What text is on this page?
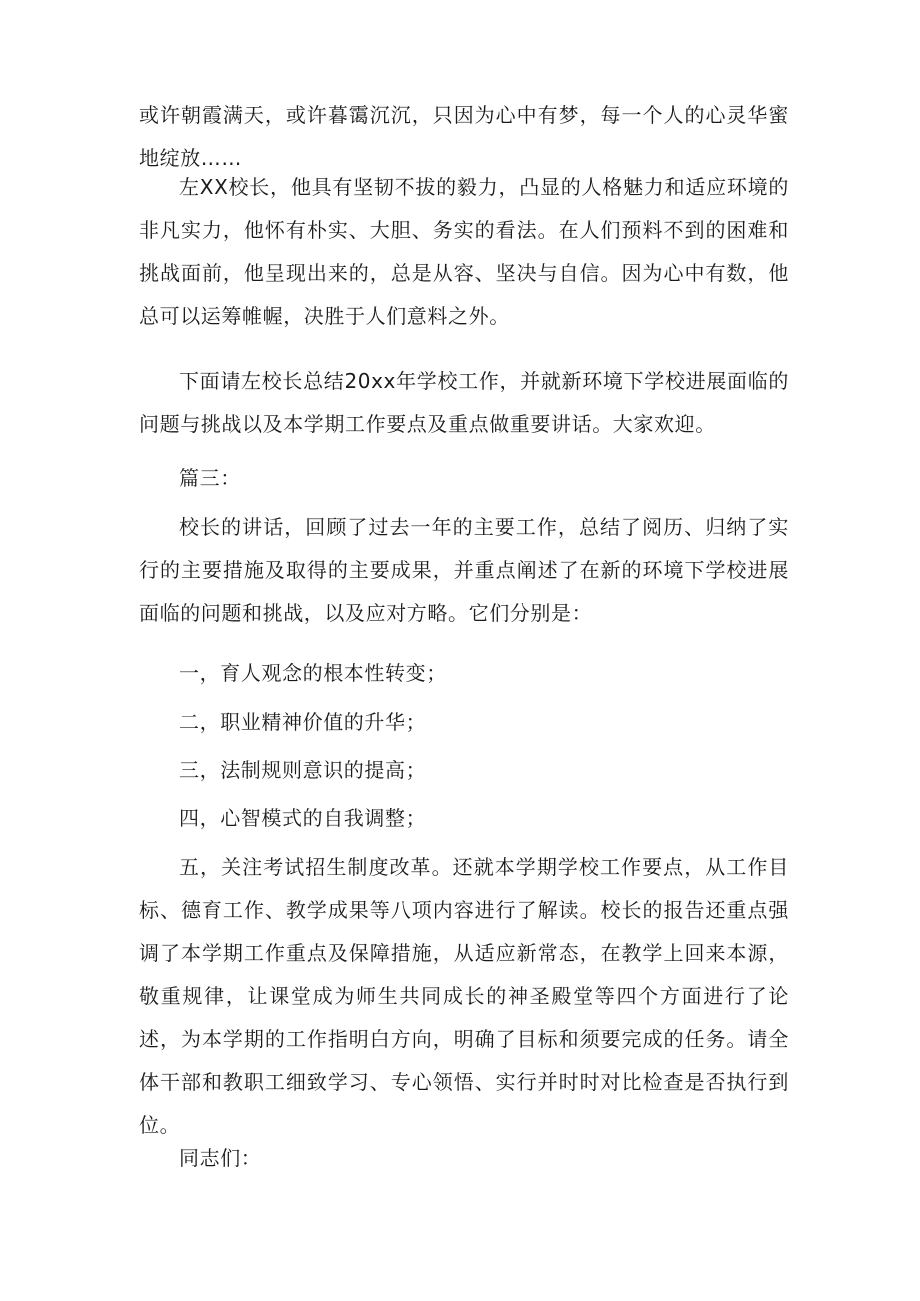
或许朝霞满天，或许暮霭沉沉，只因为心中有梦，每一个人的心灵华蜜地绽放……

左XX校长，他具有坚韧不拔的毅力，凸显的人格魅力和适应环境的非凡实力，他怀有朴实、大胆、务实的看法。在人们预料不到的困难和挑战面前，他呈现出来的，总是从容、坚决与自信。因为心中有数，他总可以运筹帷幄，决胜于人们意料之外。

下面请左校长总结20xx年学校工作，并就新环境下学校进展面临的问题与挑战以及本学期工作要点及重点做重要讲话。大家欢迎。

篇三：

校长的讲话，回顾了过去一年的主要工作，总结了阅历、归纳了实行的主要措施及取得的主要成果，并重点阐述了在新的环境下学校进展面临的问题和挑战，以及应对方略。它们分别是：

一，育人观念的根本性转变；

二，职业精神价值的升华；

三，法制规则意识的提高；

四，心智模式的自我调整；

五，关注考试招生制度改革。还就本学期学校工作要点，从工作目标、德育工作、教学成果等八项内容进行了解读。校长的报告还重点强调了本学期工作重点及保障措施，从适应新常态，在教学上回来本源，敬重规律，让课堂成为师生共同成长的神圣殿堂等四个方面进行了论述，为本学期的工作指明白方向，明确了目标和须要完成的任务。请全体干部和教职工细致学习、专心领悟、实行并时时对比检查是否执行到位。

同志们：
